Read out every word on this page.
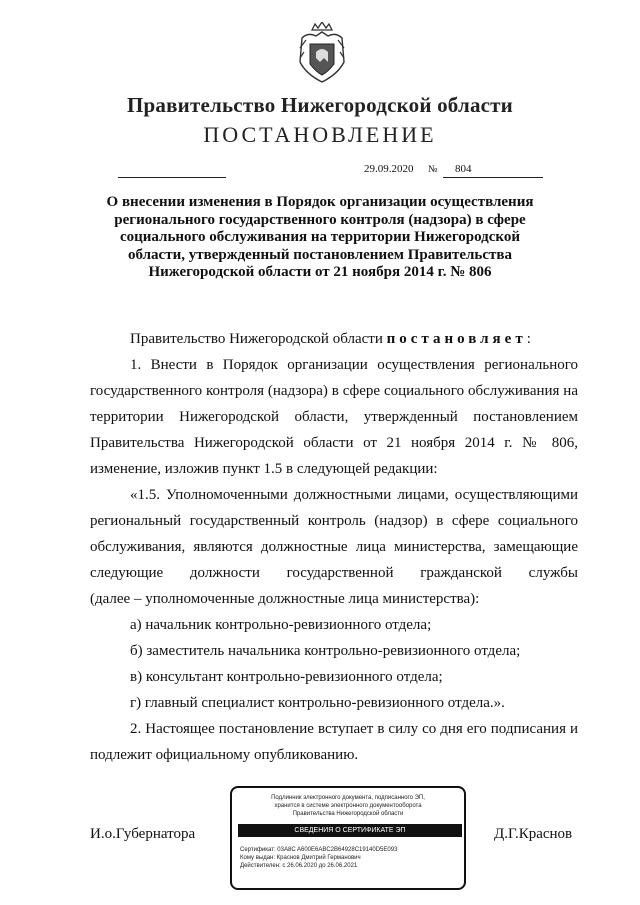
Правительство Нижегородской области
ПОСТАНОВЛЕНИЕ
29.09.2020 № 804
О внесении изменения в Порядок организации осуществления регионального государственного контроля (надзора) в сфере социального обслуживания на территории Нижегородской области, утвержденный постановлением Правительства Нижегородской области от 21 ноября 2014 г. № 806

Правительство Нижегородской области постановляет:

1. Внести в Порядок организации осуществления регионального государственного контроля (надзора) в сфере социального обслуживания на территории Нижегородской области, утвержденный постановлением Правительства Нижегородской области от 21 ноября 2014 г. № 806, изменение, изложив пункт 1.5 в следующей редакции:

«1.5. Уполномоченными должностными лицами, осуществляющими региональный государственный контроль (надзор) в сфере социального обслуживания, являются должностные лица министерства, замещающие следующие должности государственной гражданской службы

(далее – уполномоченные должностные лица министерства):

а) начальник контрольно-ревизионного отдела;

б) заместитель начальника контрольно-ревизионного отдела;

в) консультант контрольно-ревизионного отдела;

г) главный специалист контрольно-ревизионного отдела.».

2. Настоящее постановление вступает в силу со дня его подписания и подлежит официальному опубликованию.

И.о.Губернатора	Д.Г.Краснов
Подлинник электронного документа, подписанного ЭП,
хранится в системе электронного документооборота
Правительства Нижегородской области
СВЕДЕНИЯ О СЕРТИФИКАТЕ ЭП
Сертификат: 03A8C A600E6ABC2B64928C19140D5E093
Кому выдан: Краснов Дмитрий Германович
Действителен: с 26.06.2020 до 26.06.2021
